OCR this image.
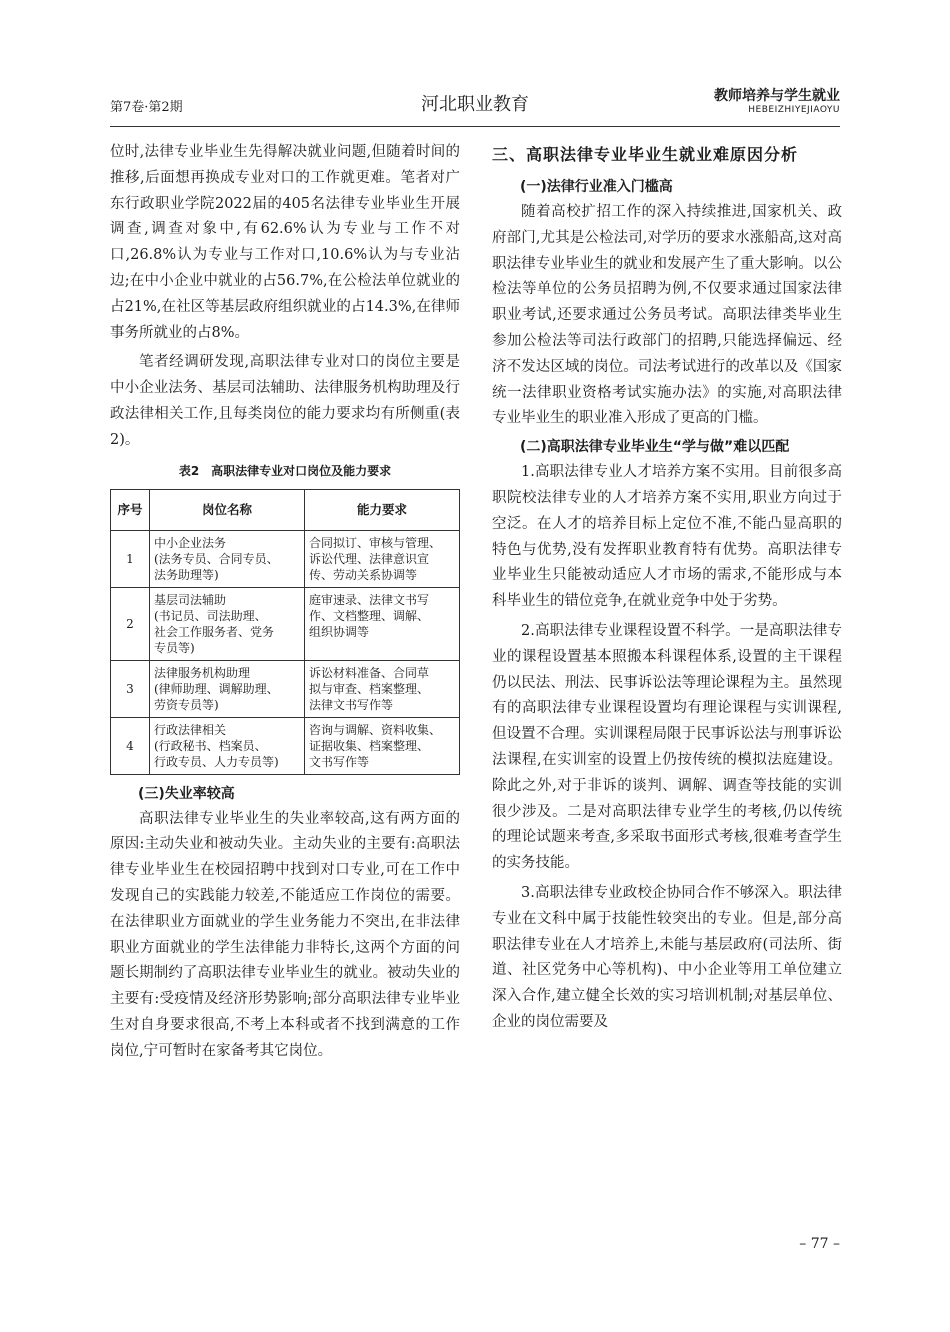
第7卷·第2期	河北职业教育	教师培养与学生就业
HEBEIZHIYEJIAOYU

位时,法律专业毕业生先得解决就业问题,但随着时间的推移,后面想再换成专业对口的工作就更难。笔者对广东行政职业学院2022届的405名法律专业毕业生开展调查,调查对象中,有62.6%认为专业与工作不对口,26.8%认为专业与工作对口,10.6%认为与专业沾边;在中小企业中就业的占56.7%,在公检法单位就业的占21%,在社区等基层政府组织就业的占14.3%,在律师事务所就业的占8%。

笔者经调研发现,高职法律专业对口的岗位主要是中小企业法务、基层司法辅助、法律服务机构助理及行政法律相关工作,且每类岗位的能力要求均有所侧重(表2)。

表2　高职法律专业对口岗位及能力要求
序号	岗位名称	能力要求
1	中小企业法务
(法务专员、合同专员、
法务助理等)	合同拟订、审核与管理、
诉讼代理、法律意识宣
传、劳动关系协调等

2	基层司法辅助
(书记员、司法助理、
社会工作服务者、党务
专员等)	庭审速录、法律文书写
作、文档整理、调解、
组织协调等

3	法律服务机构助理
(律师助理、调解助理、
劳资专员等)	诉讼材料准备、合同草
拟与审查、档案整理、
法律文书写作等

4	行政法律相关
(行政秘书、档案员、
行政专员、人力专员等)	咨询与调解、资料收集、
证据收集、档案整理、
文书写作等
(三)失业率较高

高职法律专业毕业生的失业率较高,这有两方面的原因:主动失业和被动失业。主动失业的主要有:高职法律专业毕业生在校园招聘中找到对口专业,可在工作中发现自己的实践能力较差,不能适应工作岗位的需要。在法律职业方面就业的学生业务能力不突出,在非法律职业方面就业的学生法律能力非特长,这两个方面的问题长期制约了高职法律专业毕业生的就业。被动失业的主要有:受疫情及经济形势影响;部分高职法律专业毕业生对自身要求很高,不考上本科或者不找到满意的工作岗位,宁可暂时在家备考其它岗位。

三、高职法律专业毕业生就业难原因分析
(一)法律行业准入门槛高

随着高校扩招工作的深入持续推进,国家机关、政府部门,尤其是公检法司,对学历的要求水涨船高,这对高职法律专业毕业生的就业和发展产生了重大影响。以公检法等单位的公务员招聘为例,不仅要求通过国家法律职业考试,还要求通过公务员考试。高职法律类毕业生参加公检法等司法行政部门的招聘,只能选择偏远、经济不发达区域的岗位。司法考试进行的改革以及《国家统一法律职业资格考试实施办法》的实施,对高职法律专业毕业生的职业准入形成了更高的门槛。

(二)高职法律专业毕业生“学与做”难以匹配

1.高职法律专业人才培养方案不实用。目前很多高职院校法律专业的人才培养方案不实用,职业方向过于空泛。在人才的培养目标上定位不准,不能凸显高职的特色与优势,没有发挥职业教育特有优势。高职法律专业毕业生只能被动适应人才市场的需求,不能形成与本科毕业生的错位竞争,在就业竞争中处于劣势。

2.高职法律专业课程设置不科学。一是高职法律专业的课程设置基本照搬本科课程体系,设置的主干课程仍以民法、刑法、民事诉讼法等理论课程为主。虽然现有的高职法律专业课程设置均有理论课程与实训课程,但设置不合理。实训课程局限于民事诉讼法与刑事诉讼法课程,在实训室的设置上仍按传统的模拟法庭建设。除此之外,对于非诉的谈判、调解、调查等技能的实训很少涉及。二是对高职法律专业学生的考核,仍以传统的理论试题来考查,多采取书面形式考核,很难考查学生的实务技能。

3.高职法律专业政校企协同合作不够深入。职法律专业在文科中属于技能性较突出的专业。但是,部分高职法律专业在人才培养上,未能与基层政府(司法所、街道、社区党务中心等机构)、中小企业等用工单位建立深入合作,建立健全长效的实习培训机制;对基层单位、企业的岗位需要及

– 77 –
